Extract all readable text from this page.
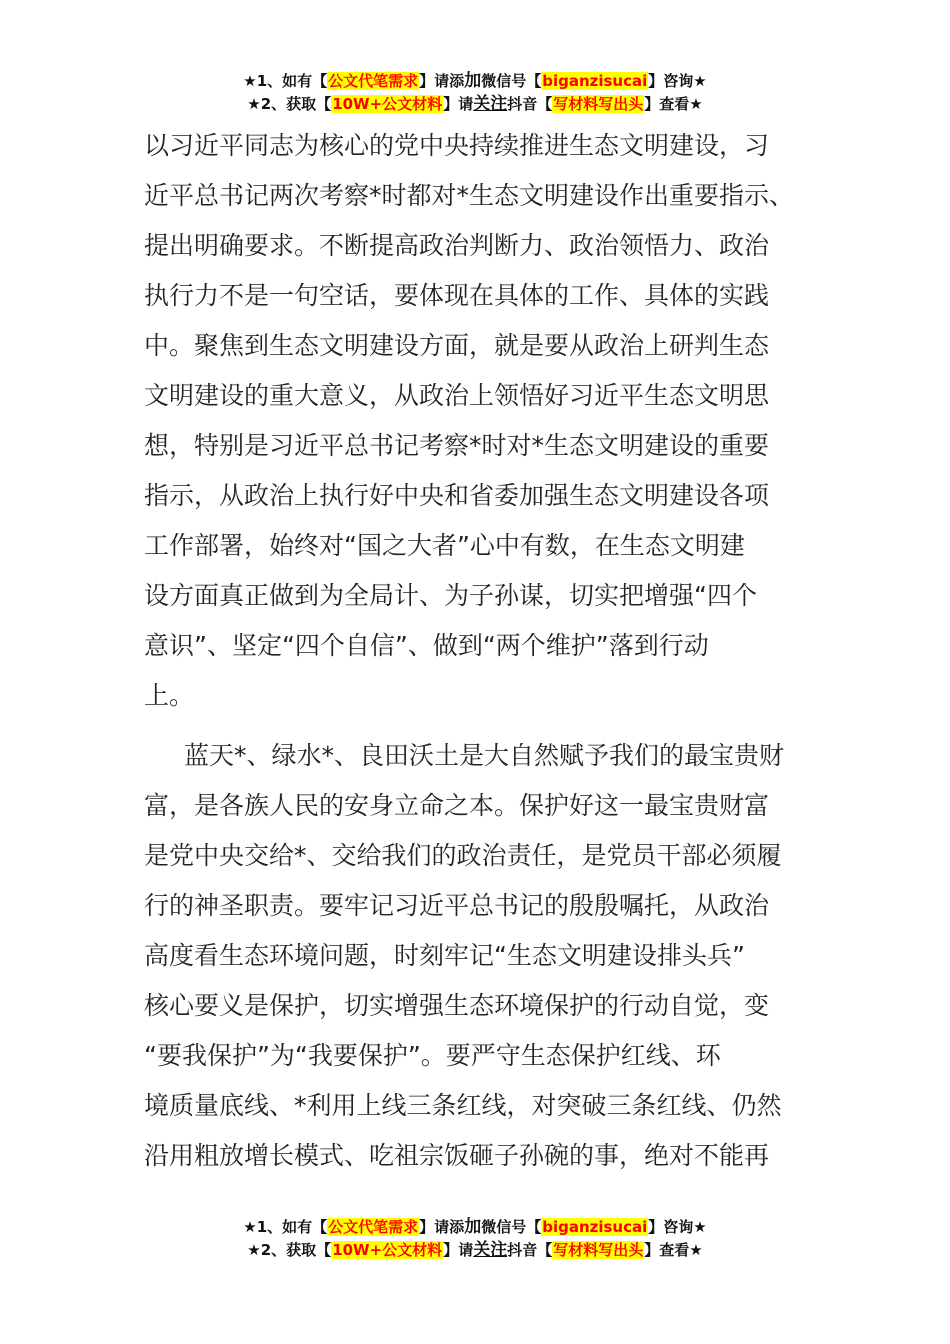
★1、如有【公文代笔需求】请添加微信号【biganzisucai】咨询★
★2、获取【10W+公文材料】请关注抖音【写材料写出头】查看★
以习近平同志为核心的党中央持续推进生态文明建设，习
近平总书记两次考察*时都对*生态文明建设作出重要指示、
提出明确要求。不断提高政治判断力、政治领悟力、政治
执行力不是一句空话，要体现在具体的工作、具体的实践
中。聚焦到生态文明建设方面，就是要从政治上研判生态
文明建设的重大意义，从政治上领悟好习近平生态文明思
想，特别是习近平总书记考察*时对*生态文明建设的重要
指示，从政治上执行好中央和省委加强生态文明建设各项
工作部署，始终对“国之大者”心中有数，在生态文明建
设方面真正做到为全局计、为子孙谋，切实把增强“四个
意识”、坚定“四个自信”、做到“两个维护”落到行动
上。
蓝天*、绿水*、良田沃土是大自然赋予我们的最宝贵财
富，是各族人民的安身立命之本。保护好这一最宝贵财富
是党中央交给*、交给我们的政治责任，是党员干部必须履
行的神圣职责。要牢记习近平总书记的殷殷嘱托，从政治
高度看生态环境问题，时刻牢记“生态文明建设排头兵”
核心要义是保护，切实增强生态环境保护的行动自觉，变
“要我保护”为“我要保护”。要严守生态保护红线、环
境质量底线、*利用上线三条红线，对突破三条红线、仍然
沿用粗放增长模式、吃祖宗饭砸子孙碗的事，绝对不能再
★1、如有【公文代笔需求】请添加微信号【biganzisucai】咨询★
★2、获取【10W+公文材料】请关注抖音【写材料写出头】查看★
